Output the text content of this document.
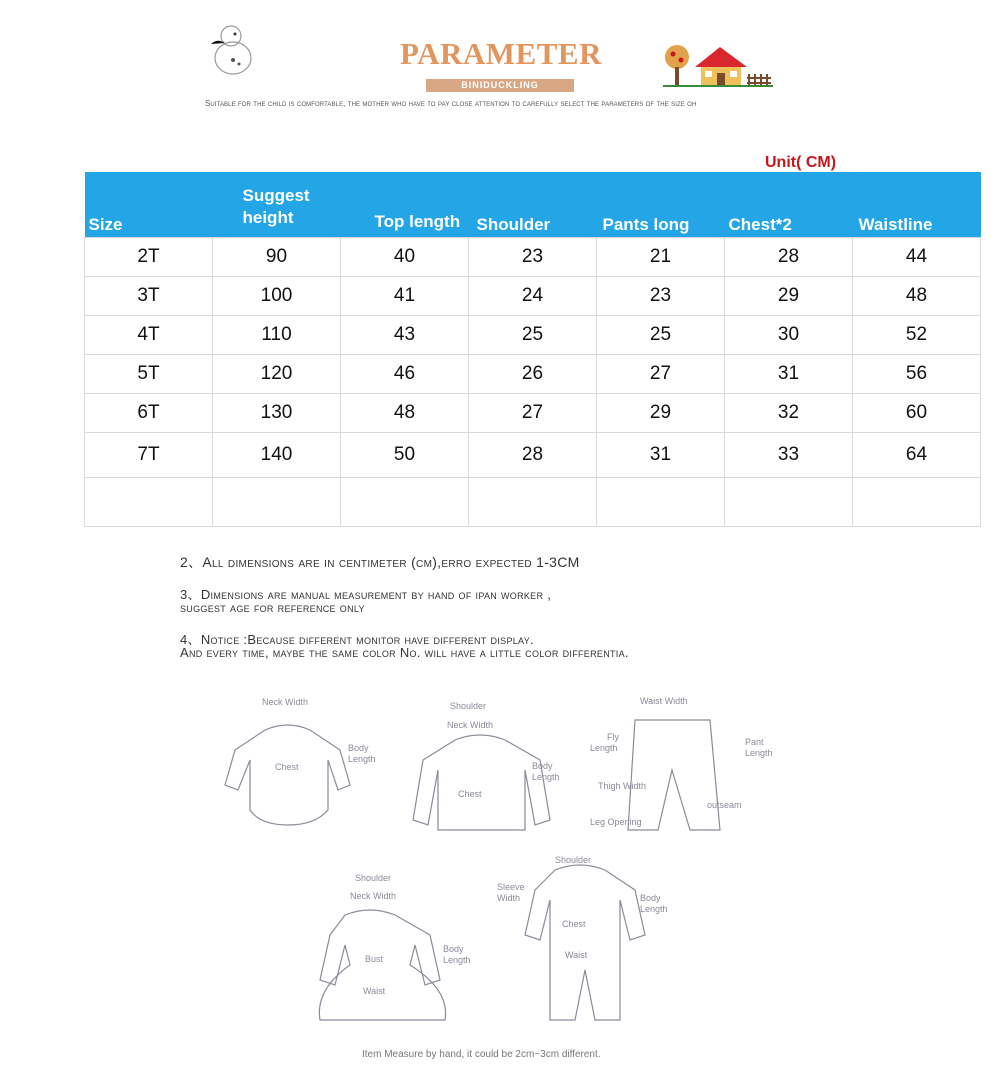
PARAMETER
BINIDUCKLING
Suitable for the child is comfortable, the mother who have to pay close attention to carefully select the parameters of the size oh
Unit( CM)
Size	Suggest height	Top length	Shoulder	Pants long	Chest*2	Waistline
2T	90	40	23	21	28	44
3T	100	41	24	23	29	48
4T	110	43	25	25	30	52
5T	120	46	26	27	31	56
6T	130	48	27	29	32	60
7T	140	50	28	31	33	64

2、All dimensions are in centimeter (cm),erro expected 1-3CM
3、Dimensions are manual measurement by hand of ipan worker ,
suggest age for reference only
4、Notice :Because different monitor have different display.
And every time, maybe the same color No. will have a little color differentia.
Neck Width
Body
Length
Chest
Shoulder
Neck Width
Body
Length
Chest
Waist Width
Fly
Length
Pant
Length
Thigh Width
outseam
Leg Opening
Shoulder
Neck Width
Body
Length
Bust
Waist
Shoulder
Sleeve
Width	Body
Length
Chest
Waist
Item Measure by hand, it could be 2cm~3cm different.
